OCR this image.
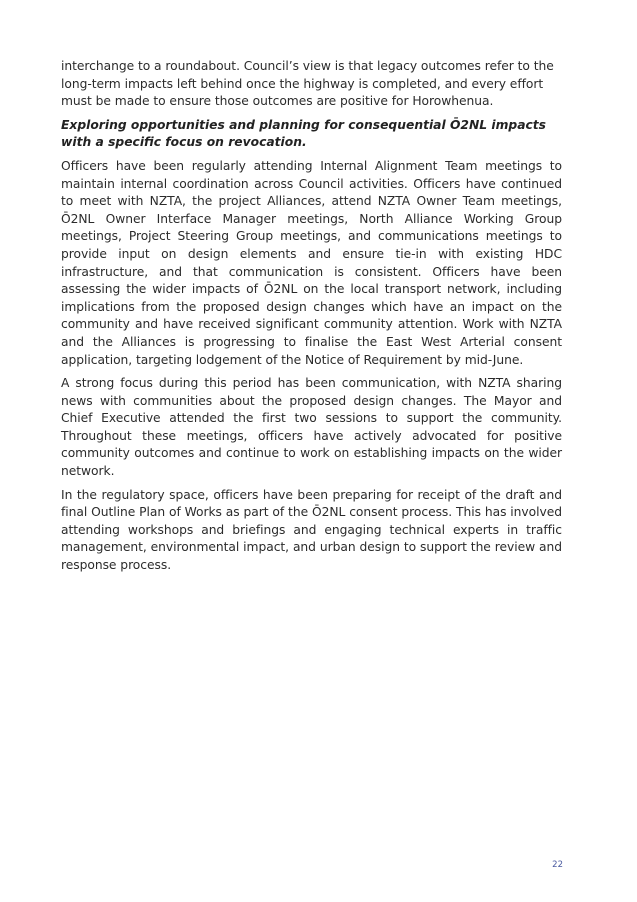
interchange to a roundabout. Council’s view is that legacy outcomes refer to the long-term impacts left behind once the highway is completed, and every effort must be made to ensure those outcomes are positive for Horowhenua.

Exploring opportunities and planning for consequential Ō2NL impacts with a specific focus on revocation.

Officers have been regularly attending Internal Alignment Team meetings to maintain internal coordination across Council activities. Officers have continued to meet with NZTA, the project Alliances, attend NZTA Owner Team meetings, Ō2NL Owner Interface Manager meetings, North Alliance Working Group meetings, Project Steering Group meetings, and communications meetings to provide input on design elements and ensure tie-in with existing HDC infrastructure, and that communication is consistent. Officers have been assessing the wider impacts of Ō2NL on the local transport network, including implications from the proposed design changes which have an impact on the community and have received significant community attention. Work with NZTA and the Alliances is progressing to finalise the East West Arterial consent application, targeting lodgement of the Notice of Requirement by mid-June.

A strong focus during this period has been communication, with NZTA sharing news with communities about the proposed design changes. The Mayor and Chief Executive attended the first two sessions to support the community. Throughout these meetings, officers have actively advocated for positive community outcomes and continue to work on establishing impacts on the wider network.

In the regulatory space, officers have been preparing for receipt of the draft and final Outline Plan of Works as part of the Ō2NL consent process. This has involved attending workshops and briefings and engaging technical experts in traffic management, environmental impact, and urban design to support the review and response process.

22
